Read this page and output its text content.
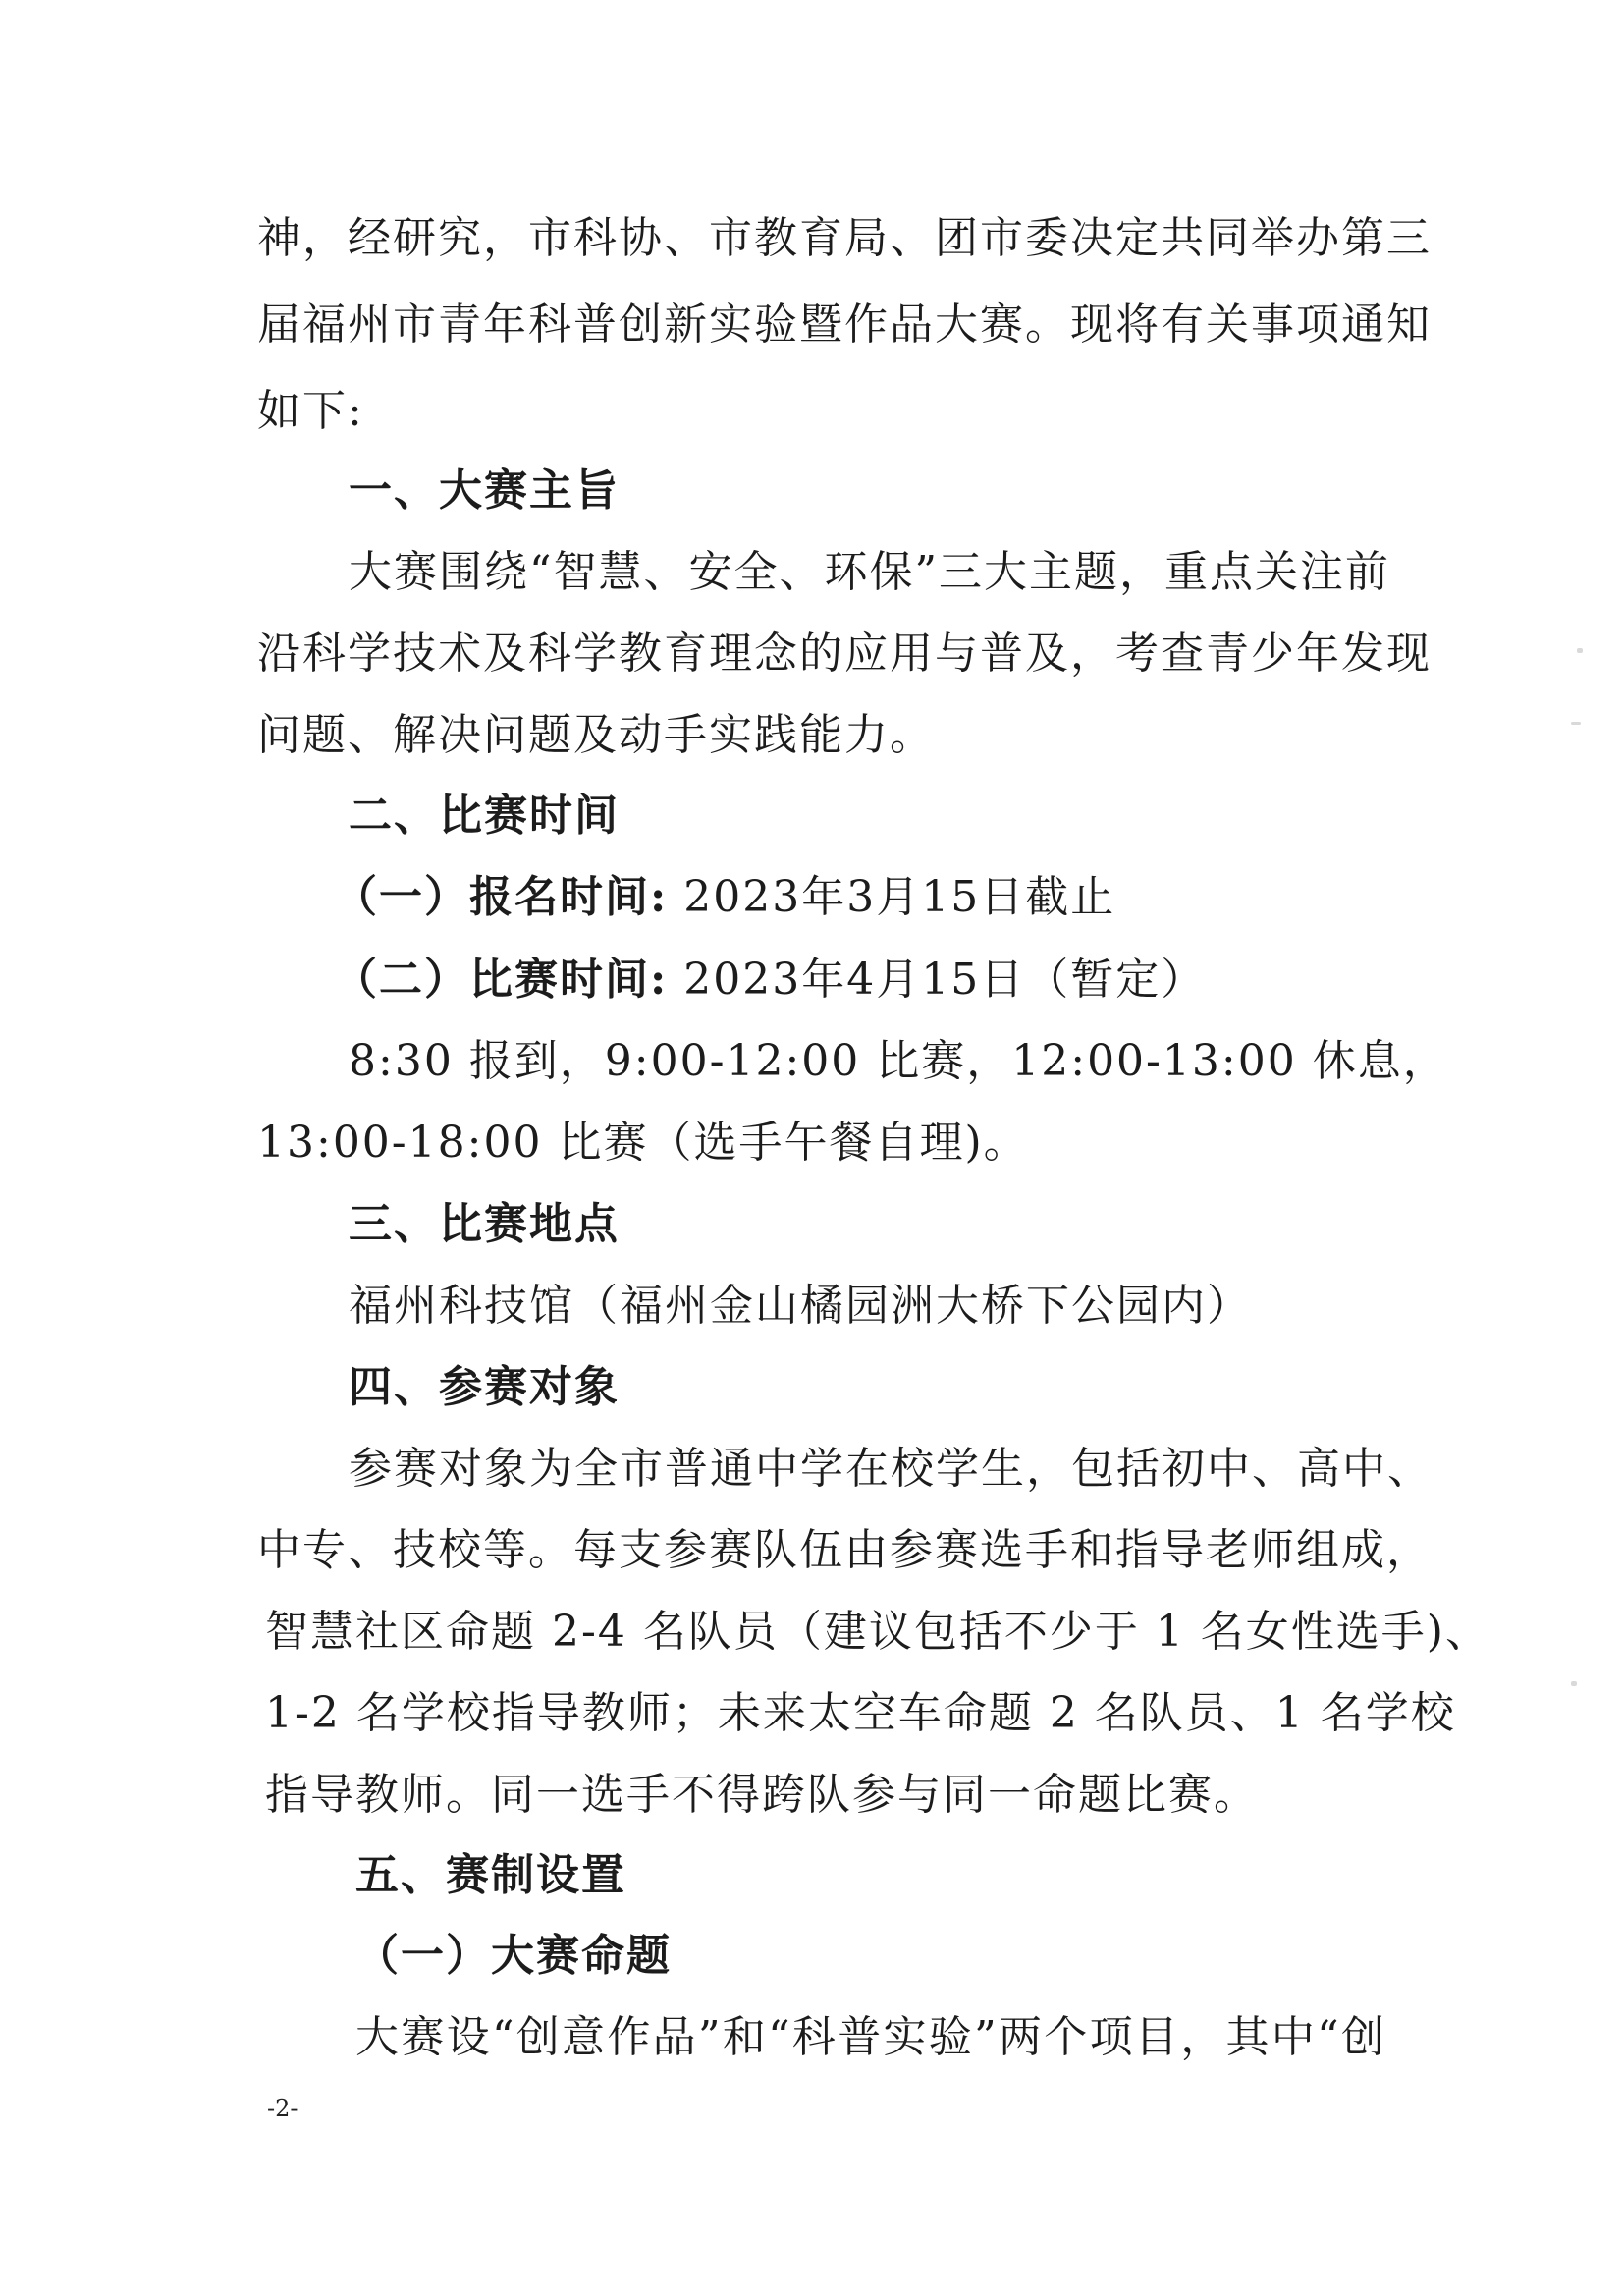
神，经研究，市科协、市教育局、团市委决定共同举办第三
届福州市青年科普创新实验暨作品大赛。现将有关事项通知
如下:
一、大赛主旨
大赛围绕“智慧、安全、环保”三大主题，重点关注前
沿科学技术及科学教育理念的应用与普及，考查青少年发现
问题、解决问题及动手实践能力。
二、比赛时间
（一）报名时间: 2023年3月15日截止
（二）比赛时间: 2023年4月15日（暂定）
8:30 报到，9:00-12:00 比赛，12:00-13:00 休息，
13:00-18:00 比赛（选手午餐自理)。
三、比赛地点
福州科技馆（福州金山橘园洲大桥下公园内）
四、参赛对象
参赛对象为全市普通中学在校学生，包括初中、高中、
中专、技校等。每支参赛队伍由参赛选手和指导老师组成，
智慧社区命题 2-4 名队员（建议包括不少于 1 名女性选手)、
1-2 名学校指导教师；未来太空车命题 2 名队员、1 名学校
指导教师。同一选手不得跨队参与同一命题比赛。
五、赛制设置
（一）大赛命题
大赛设“创意作品”和“科普实验”两个项目，其中“创
-2-
